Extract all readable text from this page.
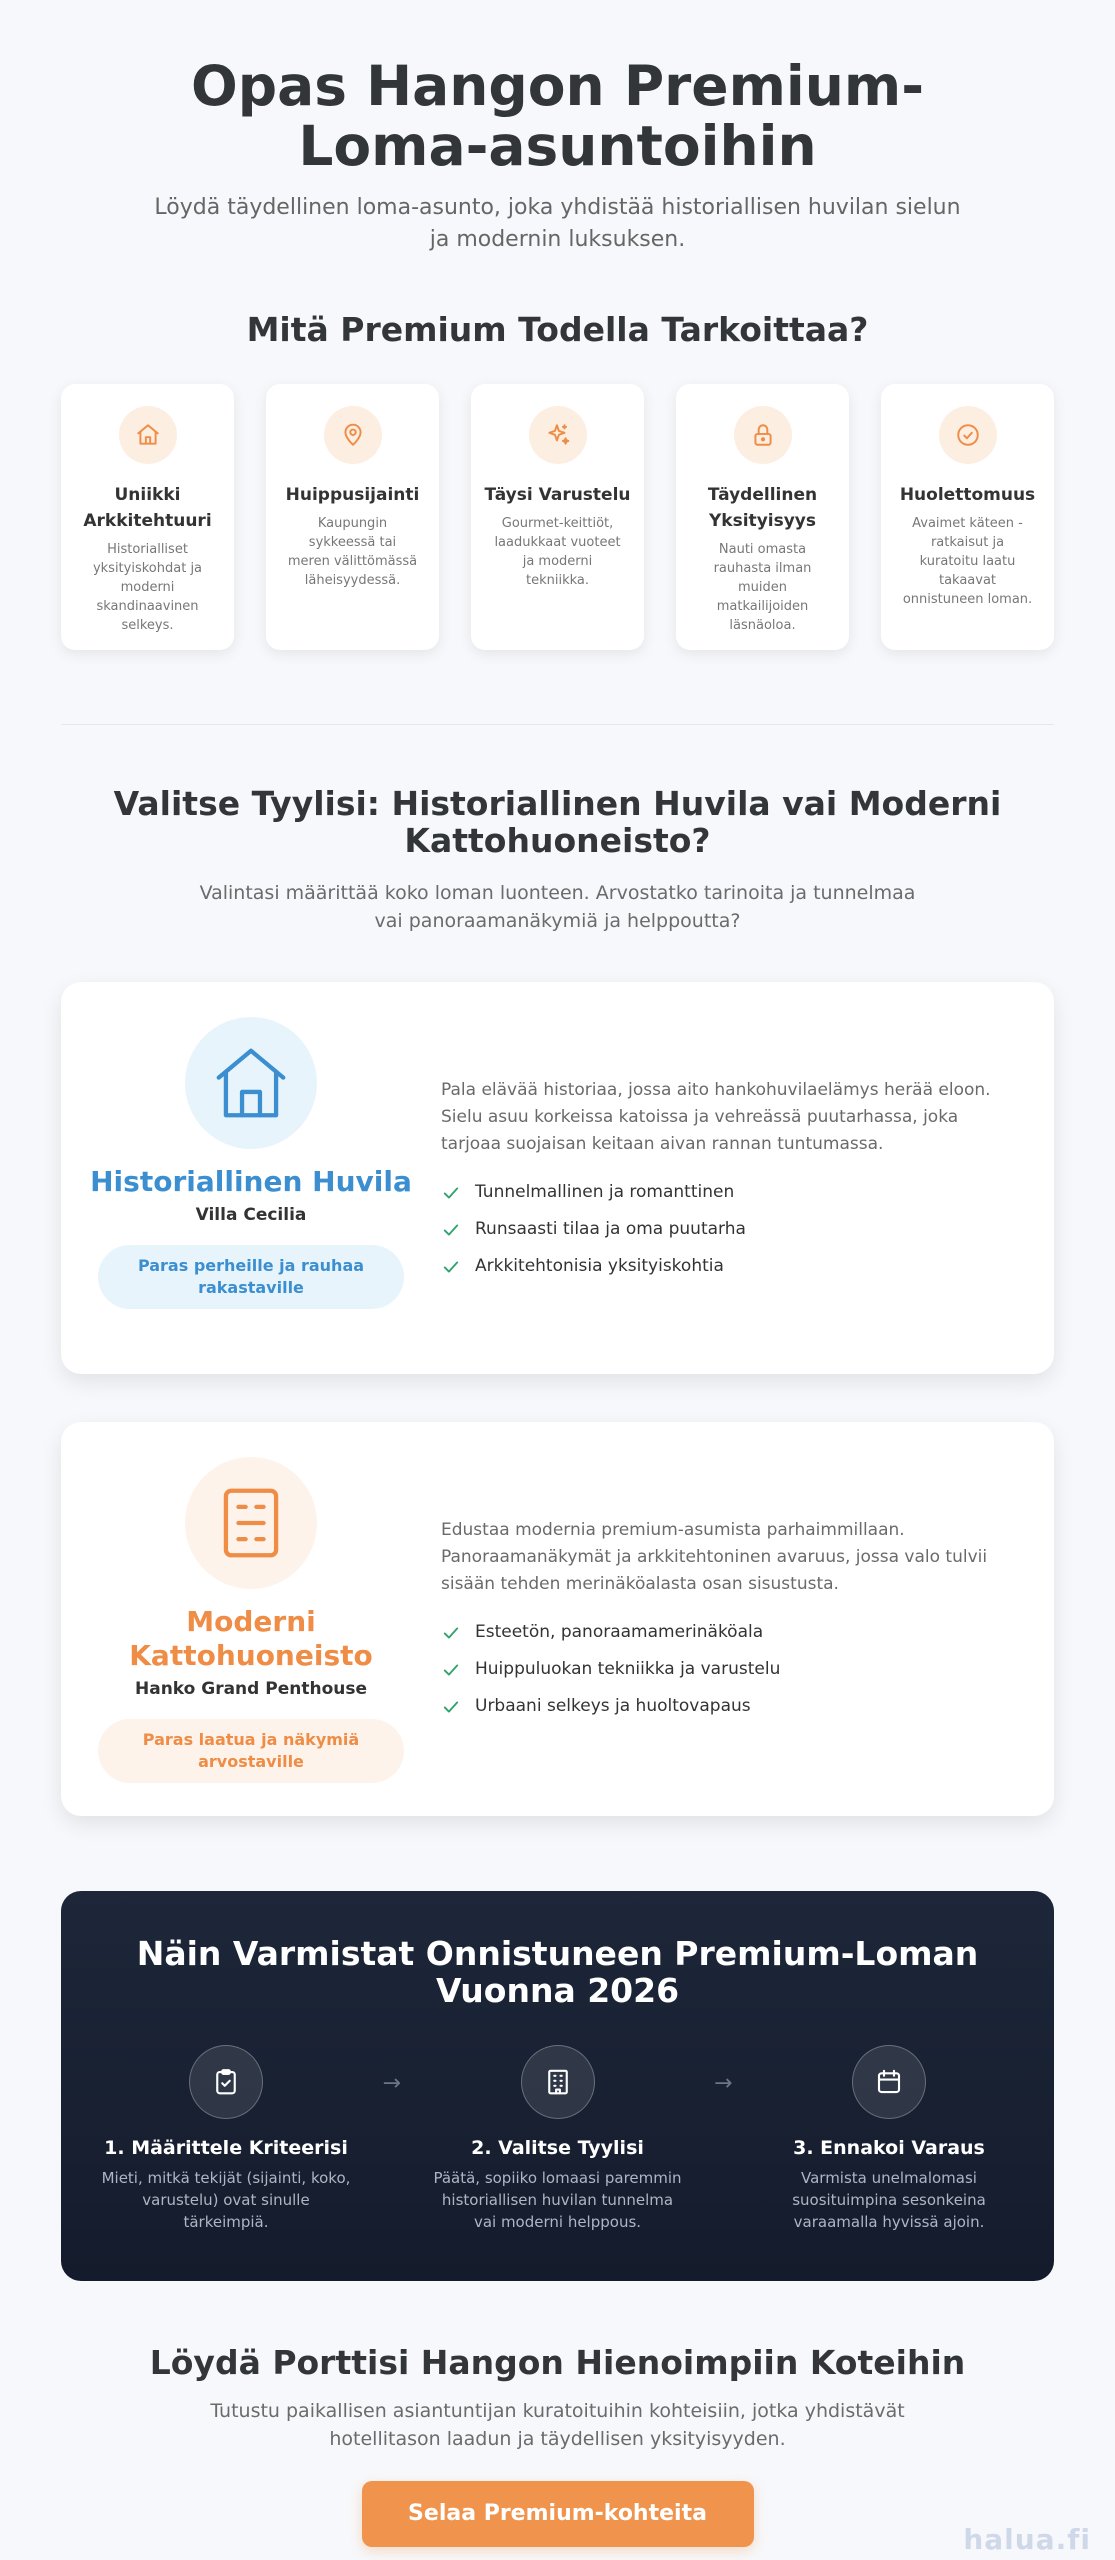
Opas Hangon Premium-Loma-asuntoihin

Löydä täydellinen loma-asunto, joka yhdistää historiallisen huvilan sielun ja modernin luksuksen.

Mitä Premium Todella Tarkoittaa?
Uniikki Arkkitehtuuri
Historialliset yksityiskohdat ja moderni skandinaavinen selkeys.
Huippusijainti
Kaupungin sykkeessä tai meren välittömässä läheisyydessä.
Täysi Varustelu
Gourmet-keittiöt, laadukkaat vuoteet ja moderni tekniikka.
Täydellinen Yksityisyys
Nauti omasta rauhasta ilman muiden matkailijoiden läsnäoloa.
Huolettomuus
Avaimet käteen -ratkaisut ja kuratoitu laatu takaavat onnistuneen loman.
Valitse Tyylisi: Historiallinen Huvila vai Moderni Kattohuoneisto?

Valintasi määrittää koko loman luonteen. Arvostatko tarinoita ja tunnelmaa vai panoraamanäkymiä ja helppoutta?

Historiallinen Huvila
Villa Cecilia
Paras perheille ja rauhaa rakastaville

Pala elävää historiaa, jossa aito hankohuvilaelämys herää eloon. Sielu asuu korkeissa katoissa ja vehreässä puutarhassa, joka tarjoaa suojaisan keitaan aivan rannan tuntumassa.

Tunnelmallinen ja romanttinen
Runsaasti tilaa ja oma puutarha
Arkkitehtonisia yksityiskohtia
Moderni Kattohuoneisto
Hanko Grand Penthouse
Paras laatua ja näkymiä arvostaville

Edustaa modernia premium-asumista parhaimmillaan. Panoraamanäkymät ja arkkitehtoninen avaruus, jossa valo tulvii sisään tehden merinäköalasta osan sisustusta.

Esteetön, panoraamamerinäköala
Huippuluokan tekniikka ja varustelu
Urbaani selkeys ja huoltovapaus
Näin Varmistat Onnistuneen Premium-Loman Vuonna 2026
1. Määrittele Kriteerisi
Mieti, mitkä tekijät (sijainti, koko, varustelu) ovat sinulle tärkeimpiä.
→
2. Valitse Tyylisi
Päätä, sopiiko lomaasi paremmin historiallisen huvilan tunnelma vai moderni helppous.
→
3. Ennakoi Varaus
Varmista unelmalomasi suosituimpina sesonkeina varaamalla hyvissä ajoin.
Löydä Porttisi Hangon Hienoimpiin Koteihin

Tutustu paikallisen asiantuntijan kuratoituihin kohteisiin, jotka yhdistävät hotellitason laadun ja täydellisen yksityisyyden.

Selaa Premium-kohteita
halua.fi
